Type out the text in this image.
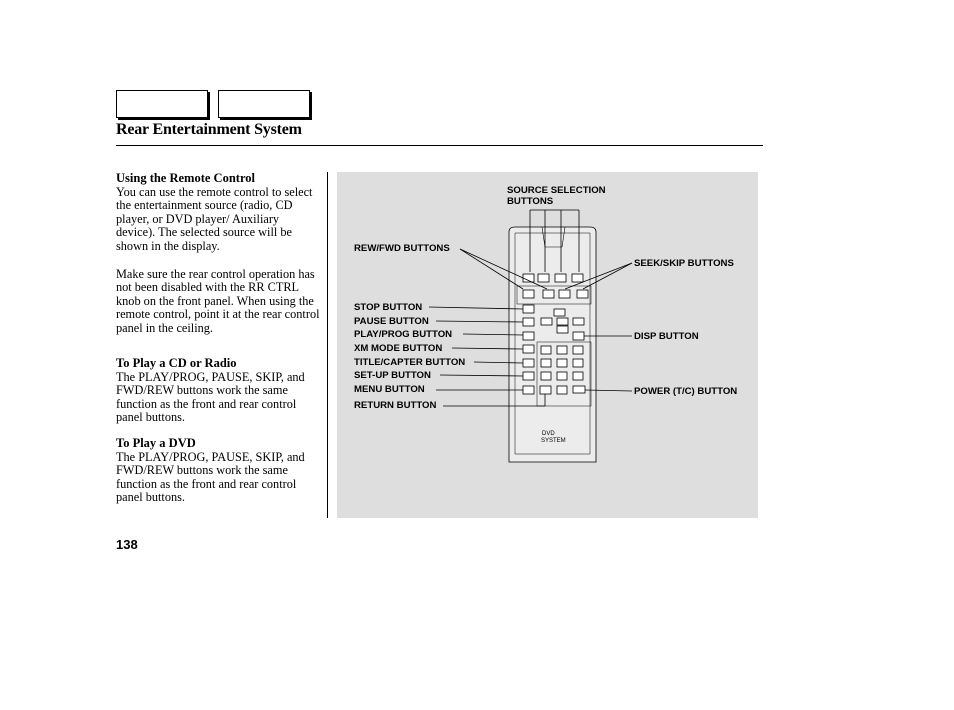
Rear Entertainment System
Using the Remote Control

You can use the remote control to select the entertainment source (radio, CD player, or DVD player/ Auxiliary device). The selected source will be shown in the display.

Make sure the rear control operation has not been disabled with the RR CTRL knob on the front panel. When using the remote control, point it at the rear control panel in the ceiling.

To Play a CD or Radio

The PLAY/PROG, PAUSE, SKIP, and FWD/REW buttons work the same function as the front and rear control panel buttons.

To Play a DVD

The PLAY/PROG, PAUSE, SKIP, and FWD/REW buttons work the same function as the front and rear control panel buttons.

SOURCE SELECTION
BUTTONS
REW/FWD BUTTONS
SEEK/SKIP BUTTONS
STOP BUTTON
PAUSE BUTTON
PLAY/PROG BUTTON	DISP BUTTON
XM MODE BUTTON
TITLE/CAPTER BUTTON
SET-UP BUTTON
MENU BUTTON	POWER (T/C) BUTTON
RETURN BUTTON
DVD
SYSTEM
138
